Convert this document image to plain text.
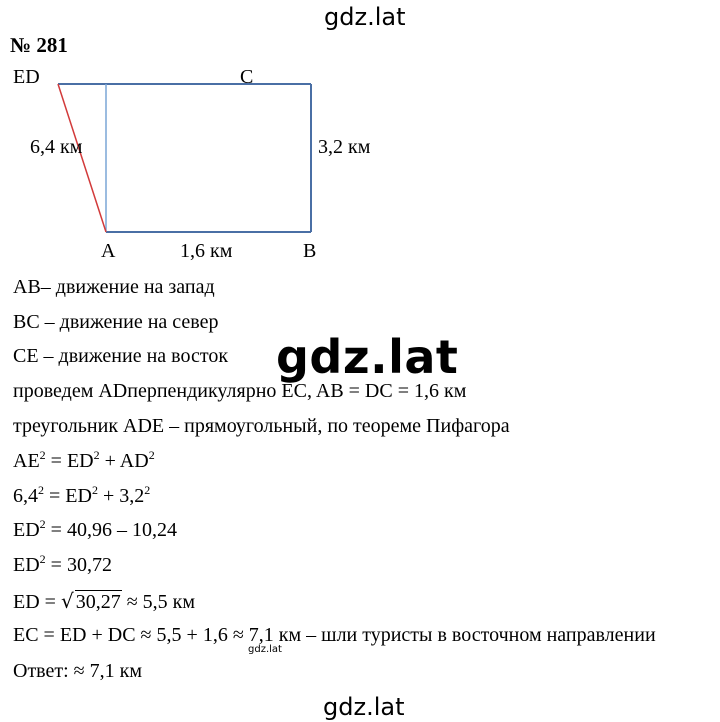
gdz.lat
№ 281
ED	C
6,4 км	3,2 км
A	1,6 км	B
AB– движение на запад
BC – движение на север
CE – движение на восток
проведем ADперпендикулярно EC, AB = DC = 1,6 км
треугольник ADE – прямоугольный, по теореме Пифагора
$AE^2 = ED^2 + AD^2$
$6,4^2 = ED^2 + 3,2^2$
$ED^2 = 40,96 - 10,24$
$ED^2 = 30,72$
ED = √ 30,27 ≈ 5,5 км
EC = ED + DC ≈ 5,5 + 1,6 ≈ 7,1 км – шли туристы в восточном направлении
gdz.lat
Ответ: ≈ 7,1 км
gdz.lat
gdz.lat
